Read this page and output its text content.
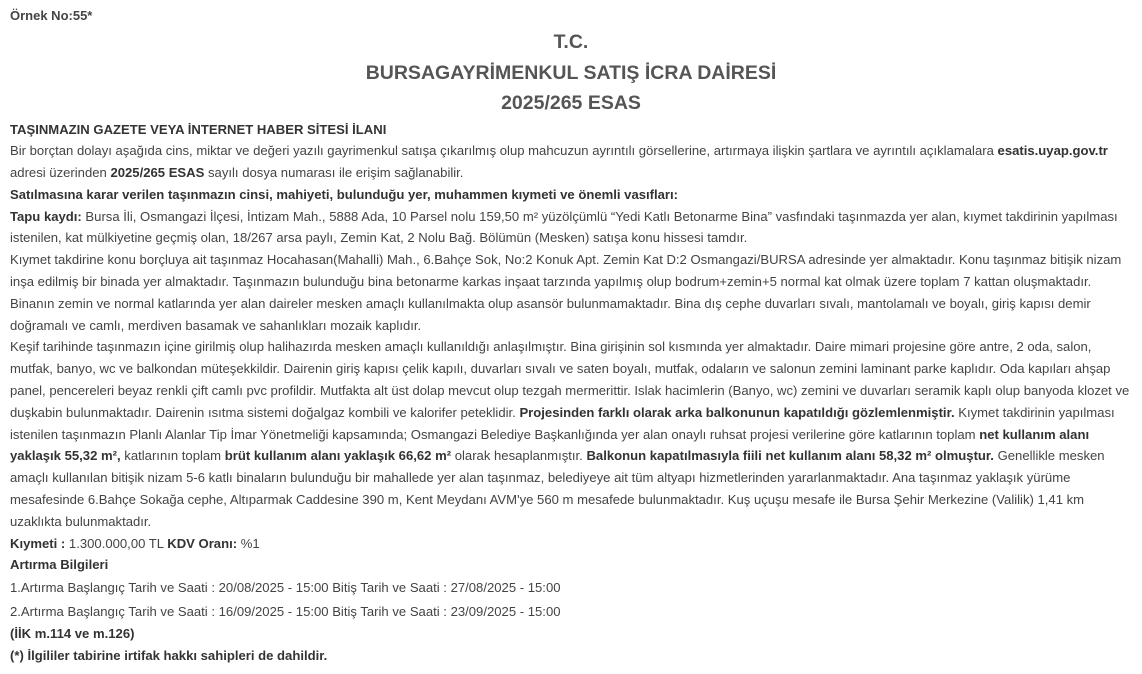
Örnek No:55*

T.C.

BURSAGAYRİMENKUL SATIŞ İCRA DAİRESİ

2025/265 ESAS

TAŞINMAZIN GAZETE VEYA İNTERNET HABER SİTESİ İLANI

Bir borçtan dolayı aşağıda cins, miktar ve değeri yazılı gayrimenkul satışa çıkarılmış olup mahcuzun ayrıntılı görsellerine, artırmaya ilişkin şartlara ve ayrıntılı açıklamalara esatis.uyap.gov.tr adresi üzerinden 2025/265 ESAS sayılı dosya numarası ile erişim sağlanabilir.

Satılmasına karar verilen taşınmazın cinsi, mahiyeti, bulunduğu yer, muhammen kıymeti ve önemli vasıfları:

Tapu kaydı: Bursa İli, Osmangazi İlçesi, İntizam Mah., 5888 Ada, 10 Parsel nolu 159,50 m² yüzölçümlü “Yedi Katlı Betonarme Bina” vasfındaki taşınmazda yer alan, kıymet takdirinin yapılması istenilen, kat mülkiyetine geçmiş olan, 18/267 arsa paylı, Zemin Kat, 2 Nolu Bağ. Bölümün (Mesken) satışa konu hissesi tamdır.

Kıymet takdirine konu borçluya ait taşınmaz Hocahasan(Mahalli) Mah., 6.Bahçe Sok, No:2 Konuk Apt. Zemin Kat D:2 Osmangazi/BURSA adresinde yer almaktadır. Konu taşınmaz bitişik nizam inşa edilmiş bir binada yer almaktadır. Taşınmazın bulunduğu bina betonarme karkas inşaat tarzında yapılmış olup bodrum+zemin+5 normal kat olmak üzere toplam 7 kattan oluşmaktadır. Binanın zemin ve normal katlarında yer alan daireler mesken amaçlı kullanılmakta olup asansör bulunmamaktadır. Bina dış cephe duvarları sıvalı, mantolamalı ve boyalı, giriş kapısı demir doğramalı ve camlı, merdiven basamak ve sahanlıkları mozaik kaplıdır.

Keşif tarihinde taşınmazın içine girilmiş olup halihazırda mesken amaçlı kullanıldığı anlaşılmıştır. Bina girişinin sol kısmında yer almaktadır. Daire mimari projesine göre antre, 2 oda, salon, mutfak, banyo, wc ve balkondan müteşekkildir. Dairenin giriş kapısı çelik kapılı, duvarları sıvalı ve saten boyalı, mutfak, odaların ve salonun zemini laminant parke kaplıdır. Oda kapıları ahşap panel, pencereleri beyaz renkli çift camlı pvc profildir. Mutfakta alt üst dolap mevcut olup tezgah mermerittir. Islak hacimlerin (Banyo, wc) zemini ve duvarları seramik kaplı olup banyoda klozet ve duşkabin bulunmaktadır. Dairenin ısıtma sistemi doğalgaz kombili ve kalorifer peteklidir. Projesinden farklı olarak arka balkonunun kapatıldığı gözlemlenmiştir. Kıymet takdirinin yapılması istenilen taşınmazın Planlı Alanlar Tip İmar Yönetmeliği kapsamında; Osmangazi Belediye Başkanlığında yer alan onaylı ruhsat projesi verilerine göre katlarının toplam net kullanım alanı yaklaşık 55,32 m², katlarının toplam brüt kullanım alanı yaklaşık 66,62 m² olarak hesaplanmıştır. Balkonun kapatılmasıyla fiili net kullanım alanı 58,32 m² olmuştur. Genellikle mesken amaçlı kullanılan bitişik nizam 5-6 katlı binaların bulunduğu bir mahallede yer alan taşınmaz, belediyeye ait tüm altyapı hizmetlerinden yararlanmaktadır. Ana taşınmaz yaklaşık yürüme mesafesinde 6.Bahçe Sokağa cephe, Altıparmak Caddesine 390 m, Kent Meydanı AVM'ye 560 m mesafede bulunmaktadır. Kuş uçuşu mesafe ile Bursa Şehir Merkezine (Valilik) 1,41 km uzaklıkta bulunmaktadır.

Kıymeti : 1.300.000,00 TL KDV Oranı: %1

Artırma Bilgileri

1.Artırma Başlangıç Tarih ve Saati : 20/08/2025 - 15:00 Bitiş Tarih ve Saati : 27/08/2025 - 15:00

2.Artırma Başlangıç Tarih ve Saati : 16/09/2025 - 15:00 Bitiş Tarih ve Saati : 23/09/2025 - 15:00

(İİK m.114 ve m.126)

(*) İlgililer tabirine irtifak hakkı sahipleri de dahildir.
